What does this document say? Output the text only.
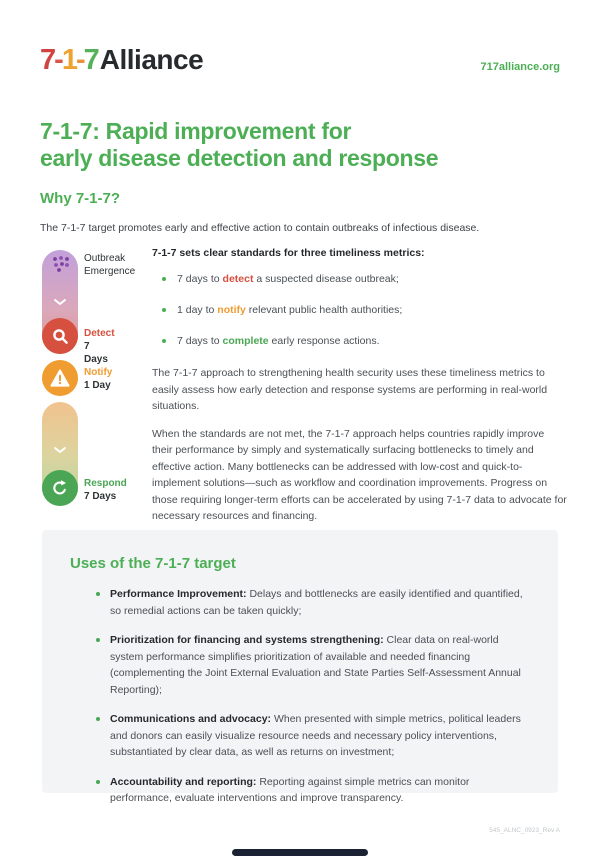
7 - 1 - 7 Alliance	717alliance.org
7-1-7: Rapid improvement for
early disease detection and response
Why 7-1-7?
The 7-1-7 target promotes early and effective action to contain outbreaks of infectious disease.
Outbreak
Emergence
Detect
7 Days
Notify
1 Day
Respond
7 Days
7-1-7 sets clear standards for three timeliness metrics:
7 days to detect a suspected disease outbreak;
1 day to notify relevant public health authorities;
7 days to complete early response actions.
The 7-1-7 approach to strengthening health security uses these timeliness metrics to easily assess how early detection and response systems are performing in real-world situations.
When the standards are not met, the 7-1-7 approach helps countries rapidly improve their performance by simply and systematically surfacing bottlenecks to timely and effective action. Many bottlenecks can be addressed with low-cost and quick-to-implement solutions—such as workflow and coordination improvements. Progress on those requiring longer-term efforts can be accelerated by using 7-1-7 data to advocate for necessary resources and financing.
Uses of the 7-1-7 target
Performance Improvement: Delays and bottlenecks are easily identified and quantified, so remedial actions can be taken quickly;
Prioritization for financing and systems strengthening: Clear data on real-world system performance simplifies prioritization of available and needed financing (complementing the Joint External Evaluation and State Parties Self-Assessment Annual Reporting);
Communications and advocacy: When presented with simple metrics, political leaders and donors can easily visualize resource needs and necessary policy interventions, substantiated by clear data, as well as returns on investment;
Accountability and reporting: Reporting against simple metrics can monitor performance, evaluate interventions and improve transparency.
545_ALNC_0923_Rev A
